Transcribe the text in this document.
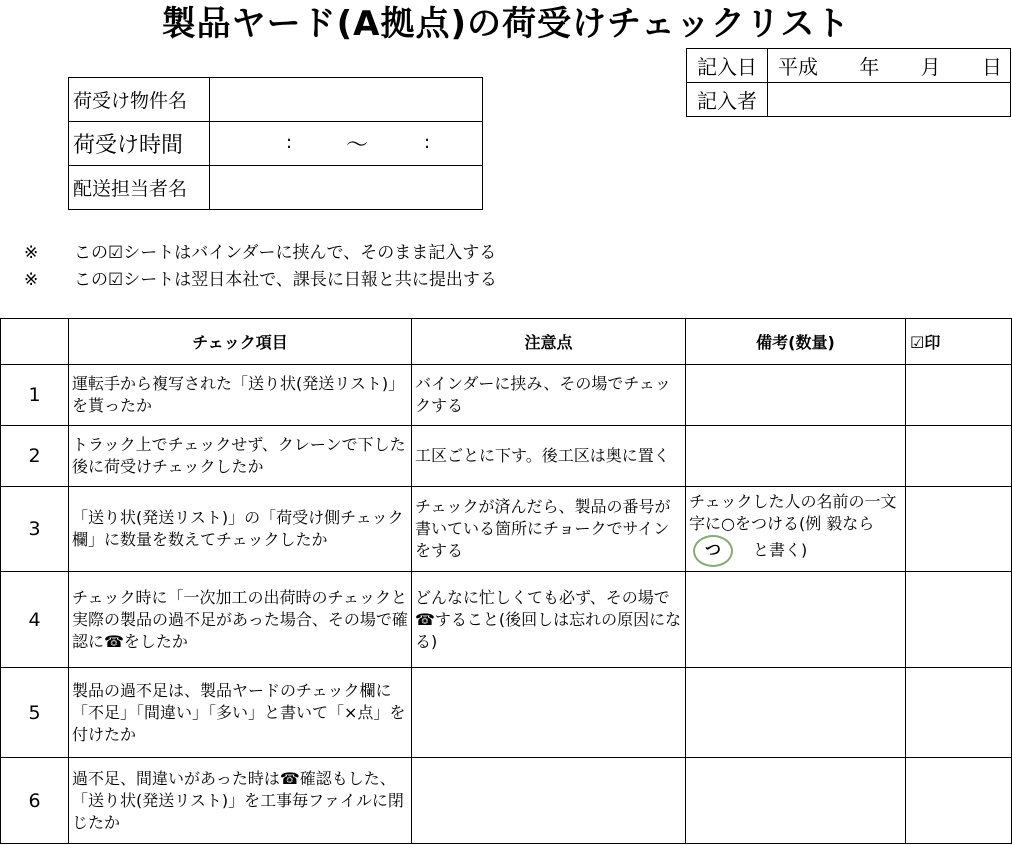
製品ヤード(A拠点)の荷受けチェックリスト
記入日	平成 年 月 日

記入者	
荷受け物件名	
荷受け時間	: 〜 :

配送担当者名	
※	この☑シートはバインダーに挟んで、そのまま記入する
※	この☑シートは翌日本社で、課長に日報と共に提出する
	チェック項目	注意点	備考(数量)	☑印
1	運転手から複写された「送り状(発送リスト)」を貰ったか	バインダーに挟み、その場でチェックする		
2	トラック上でチェックせず、クレーンで下した後に荷受けチェックしたか	工区ごとに下す。後工区は奥に置く		
3	「送り状(発送リスト)」の「荷受け側チェック欄」に数量を数えてチェックしたか	チェックが済んだら、製品の番号が書いている箇所にチョークでサインをする	チェックした人の名前の一文字に○をつける(例 毅ならつ と書く)	
4	チェック時に「一次加工の出荷時のチェックと実際の製品の過不足があった場合、その場で確認に☎をしたか	どんなに忙しくても必ず、その場で☎すること(後回しは忘れの原因になる)		
5	製品の過不足は、製品ヤードのチェック欄に「不足」「間違い」「多い」と書いて「×点」を付けたか			
6	過不足、間違いがあった時は☎確認もした、「送り状(発送リスト)」を工事毎ファイルに閉じたか			
